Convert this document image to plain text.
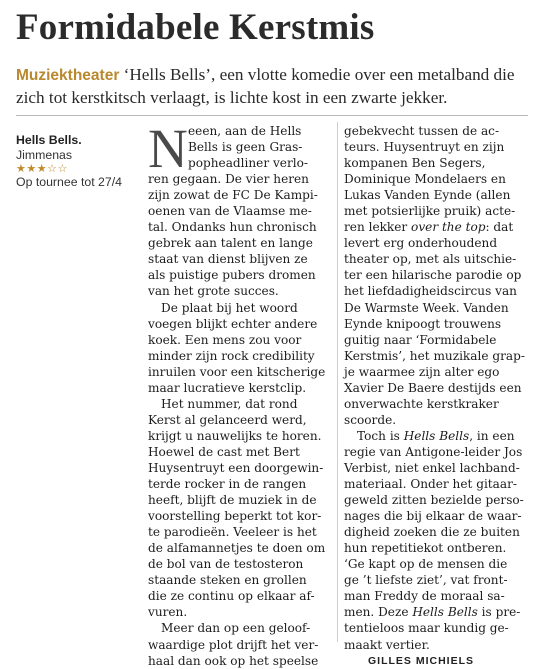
Formidabele Kerstmis

Muziektheater ‘Hells Bells’, een vlotte komedie over een metalband die zich tot kerstkitsch verlaagt, is lichte kost in een zwarte jekker.

Hells Bells.
Jimmenas
★★★☆☆
Op tournee tot 27/4
N eeen, aan de Hells

Bells is geen Gras-

popheadliner verlo-

ren gegaan. De vier heren

zijn zowat de FC De Kampi-

oenen van de Vlaamse me-

tal. Ondanks hun chronisch

gebrek aan talent en lange

staat van dienst blijven ze

als puistige pubers dromen

van het grote succes.

De plaat bij het woord

voegen blijkt echter andere

koek. Een mens zou voor

minder zijn rock credibility

inruilen voor een kitscherige

maar lucratieve kerstclip.

Het nummer, dat rond

Kerst al gelanceerd werd,

krijgt u nauwelijks te horen.

Hoewel de cast met Bert

Huysentruyt een doorgewin-

terde rocker in de rangen

heeft, blijft de muziek in de

voorstelling beperkt tot kor-

te parodieën. Veeleer is het

de alfamannetjes te doen om

de bol van de testosteron

staande steken en grollen

die ze continu op elkaar af-

vuren.

Meer dan op een geloof-

waardige plot drijft het ver-

haal dan ook op het speelse

gebekvecht tussen de ac-

teurs. Huysentruyt en zijn

kompanen Ben Segers,

Dominique Mondelaers en

Lukas Vanden Eynde (allen

met potsierlijke pruik) acte-

ren lekker over the top: dat

levert erg onderhoudend

theater op, met als uitschie-

ter een hilarische parodie op

het liefdadigheidscircus van

De Warmste Week. Vanden

Eynde knipoogt trouwens

guitig naar ‘Formidabele

Kerstmis’, het muzikale grap-

je waarmee zijn alter ego

Xavier De Baere destijds een

onverwachte kerstkraker

scoorde.

Toch is Hells Bells, in een

regie van Antigone-leider Jos

Verbist, niet enkel lachband-

materiaal. Onder het gitaar-

geweld zitten bezielde perso-

nages die bij elkaar de waar-

digheid zoeken die ze buiten

hun repetitiekot ontberen.

‘Ge kapt op de mensen die

ge ’t liefste ziet’, vat front-

man Freddy de moraal sa-

men. Deze Hells Bells is pre-

tentieloos maar kundig ge-

maakt vertier.

GILLES MICHIELS
